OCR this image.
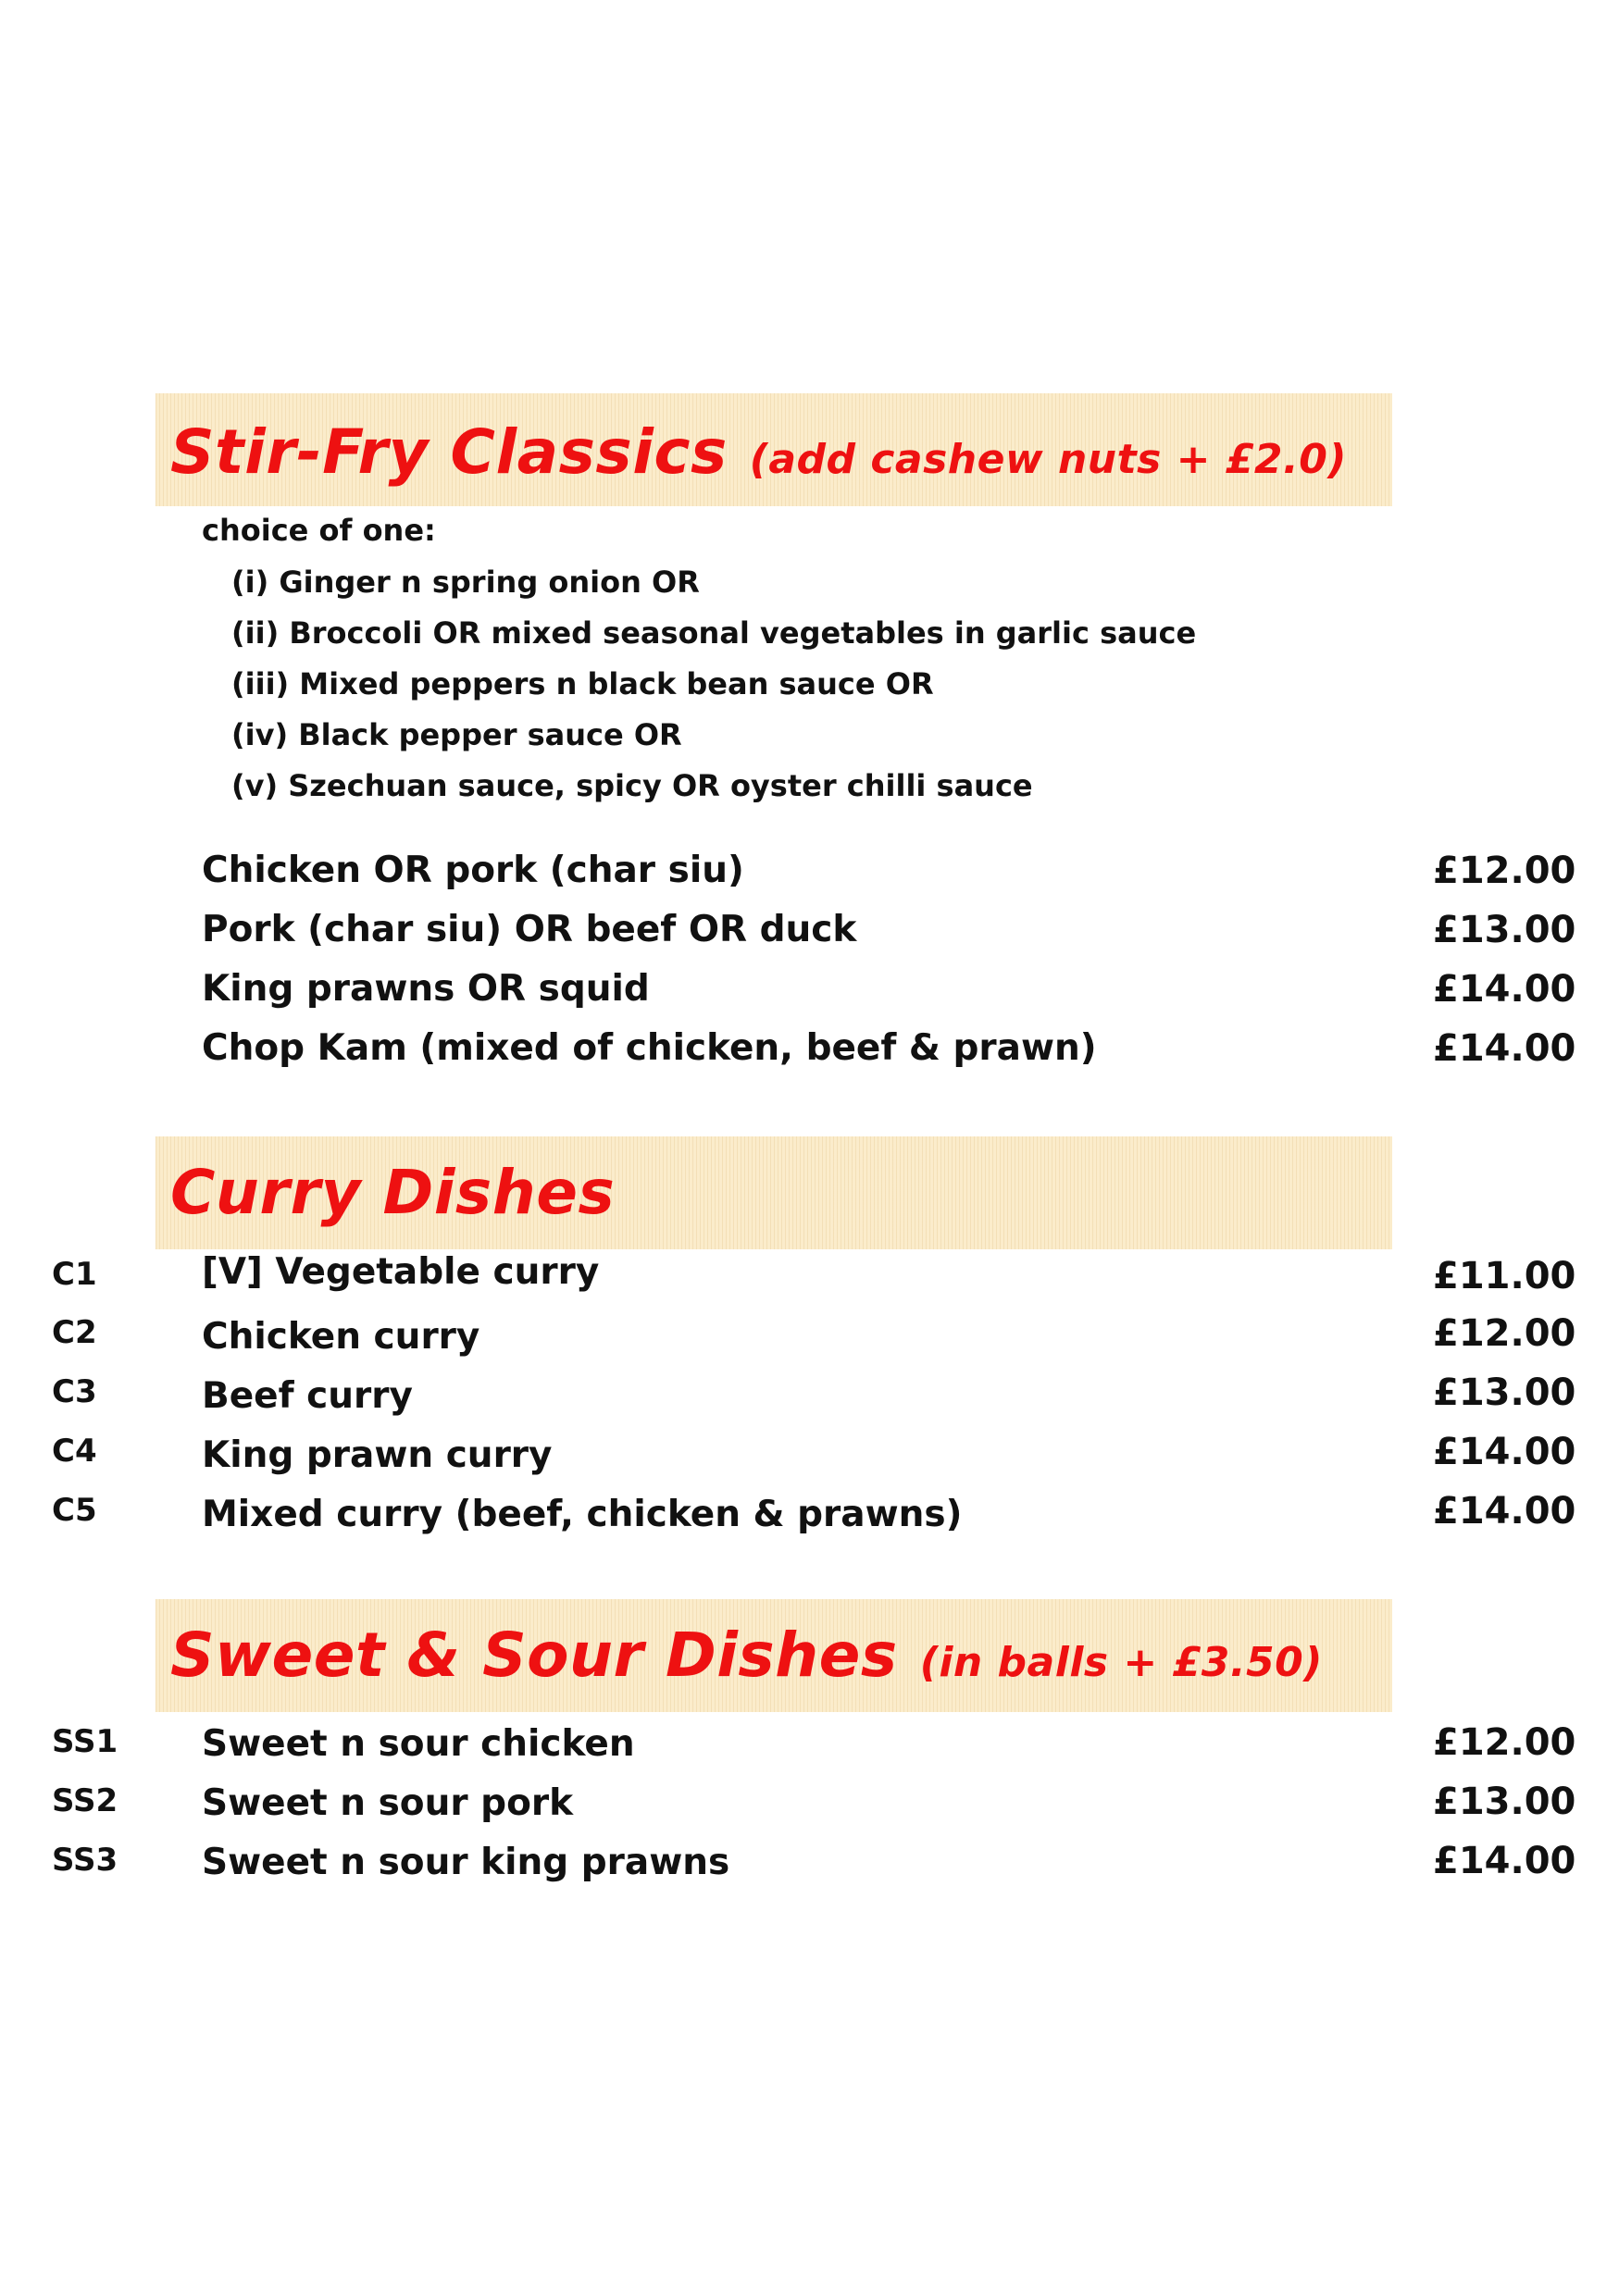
Stir-Fry Classics (add cashew nuts + £2.0)
choice of one:
(i) Ginger n spring onion OR
(ii) Broccoli OR mixed seasonal vegetables in garlic sauce
(iii) Mixed peppers n black bean sauce OR
(iv) Black pepper sauce OR
(v) Szechuan sauce, spicy OR oyster chilli sauce
Chicken OR pork (char siu)	£12.00
Pork (char siu) OR beef OR duck	£13.00
King prawns OR squid	£14.00
Chop Kam (mixed of chicken, beef & prawn)	£14.00
Curry Dishes
C1	[V] Vegetable curry	£11.00
C2	Chicken curry	£12.00
C3	Beef curry	£13.00
C4	King prawn curry	£14.00
C5	Mixed curry (beef, chicken & prawns)	£14.00
Sweet & Sour Dishes (in balls + £3.50)
SS1 Sweet n sour chicken	£12.00
SS2 Sweet n sour pork	£13.00
SS3 Sweet n sour king prawns	£14.00
